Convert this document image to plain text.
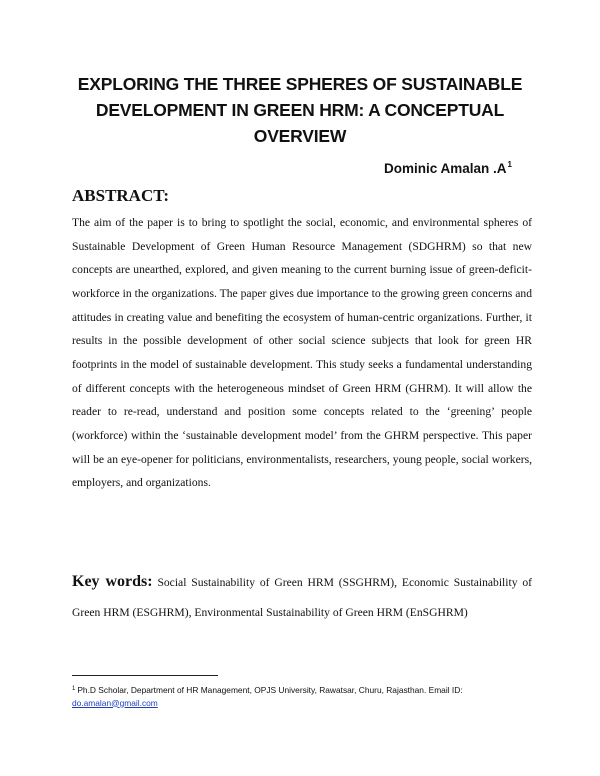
EXPLORING THE THREE SPHERES OF SUSTAINABLE DEVELOPMENT IN GREEN HRM: A CONCEPTUAL OVERVIEW
Dominic Amalan $.A^1$
ABSTRACT:
The aim of the paper is to bring to spotlight the social, economic, and environmental spheres of Sustainable Development of Green Human Resource Management (SDGHRM) so that new concepts are unearthed, explored, and given meaning to the current burning issue of green-deficit-workforce in the organizations. The paper gives due importance to the growing green concerns and attitudes in creating value and benefiting the ecosystem of human-centric organizations. Further, it results in the possible development of other social science subjects that look for green HR footprints in the model of sustainable development. This study seeks a fundamental understanding of different concepts with the heterogeneous mindset of Green HRM (GHRM). It will allow the reader to re-read, understand and position some concepts related to the ‘greening’ people (workforce) within the ‘sustainable development model’ from the GHRM perspective. This paper will be an eye-opener for politicians, environmentalists, researchers, young people, social workers, employers, and organizations.
Key words: Social Sustainability of Green HRM (SSGHRM), Economic Sustainability of Green HRM (ESGHRM), Environmental Sustainability of Green HRM (EnSGHRM)
$^1$ Ph.D Scholar, Department of HR Management, OPJS University, Rawatsar, Churu, Rajasthan. Email ID:
do.amalan@gmail.com
